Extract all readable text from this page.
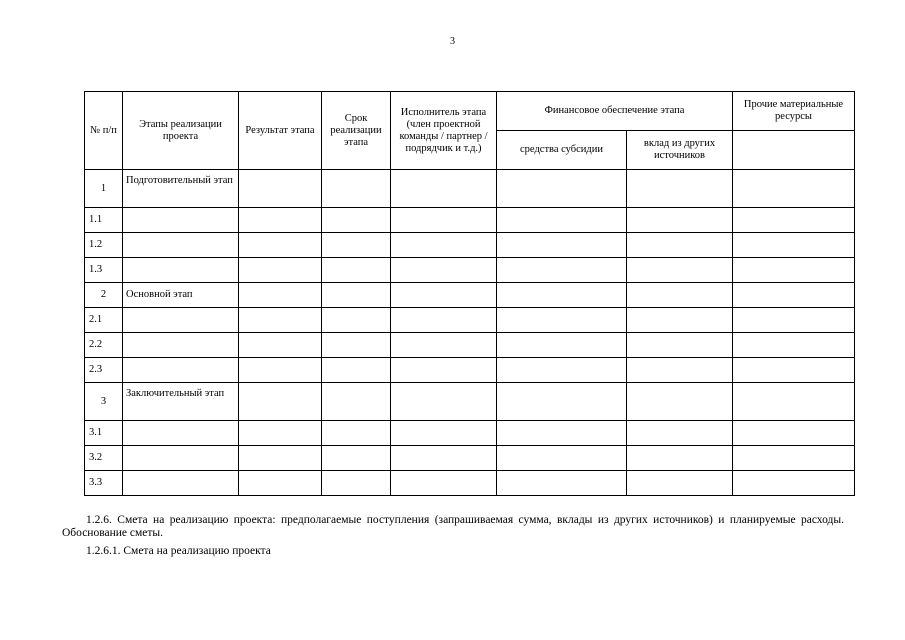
3
№ п/п	Этапы реализации проекта	Результат этапа	Срок реализации этапа	Исполнитель этапа (член проектной команды / партнер / подрядчик и т.д.)	Финансовое обеспечение этапа		Прочие материальные ресурсы
					средства субсидии	вклад из других источников	
1	Подготовительный этап						
1.1							
1.2							
1.3							
2	Основной этап						
2.1							
2.2							
2.3							
3	Заключительный этап						
3.1							
3.2							
3.3							
1.2.6. Смета на реализацию проекта: предполагаемые поступления (запрашиваемая сумма, вклады из других источников) и планируемые расходы. Обоснование сметы.
1.2.6.1. Смета на реализацию проекта
